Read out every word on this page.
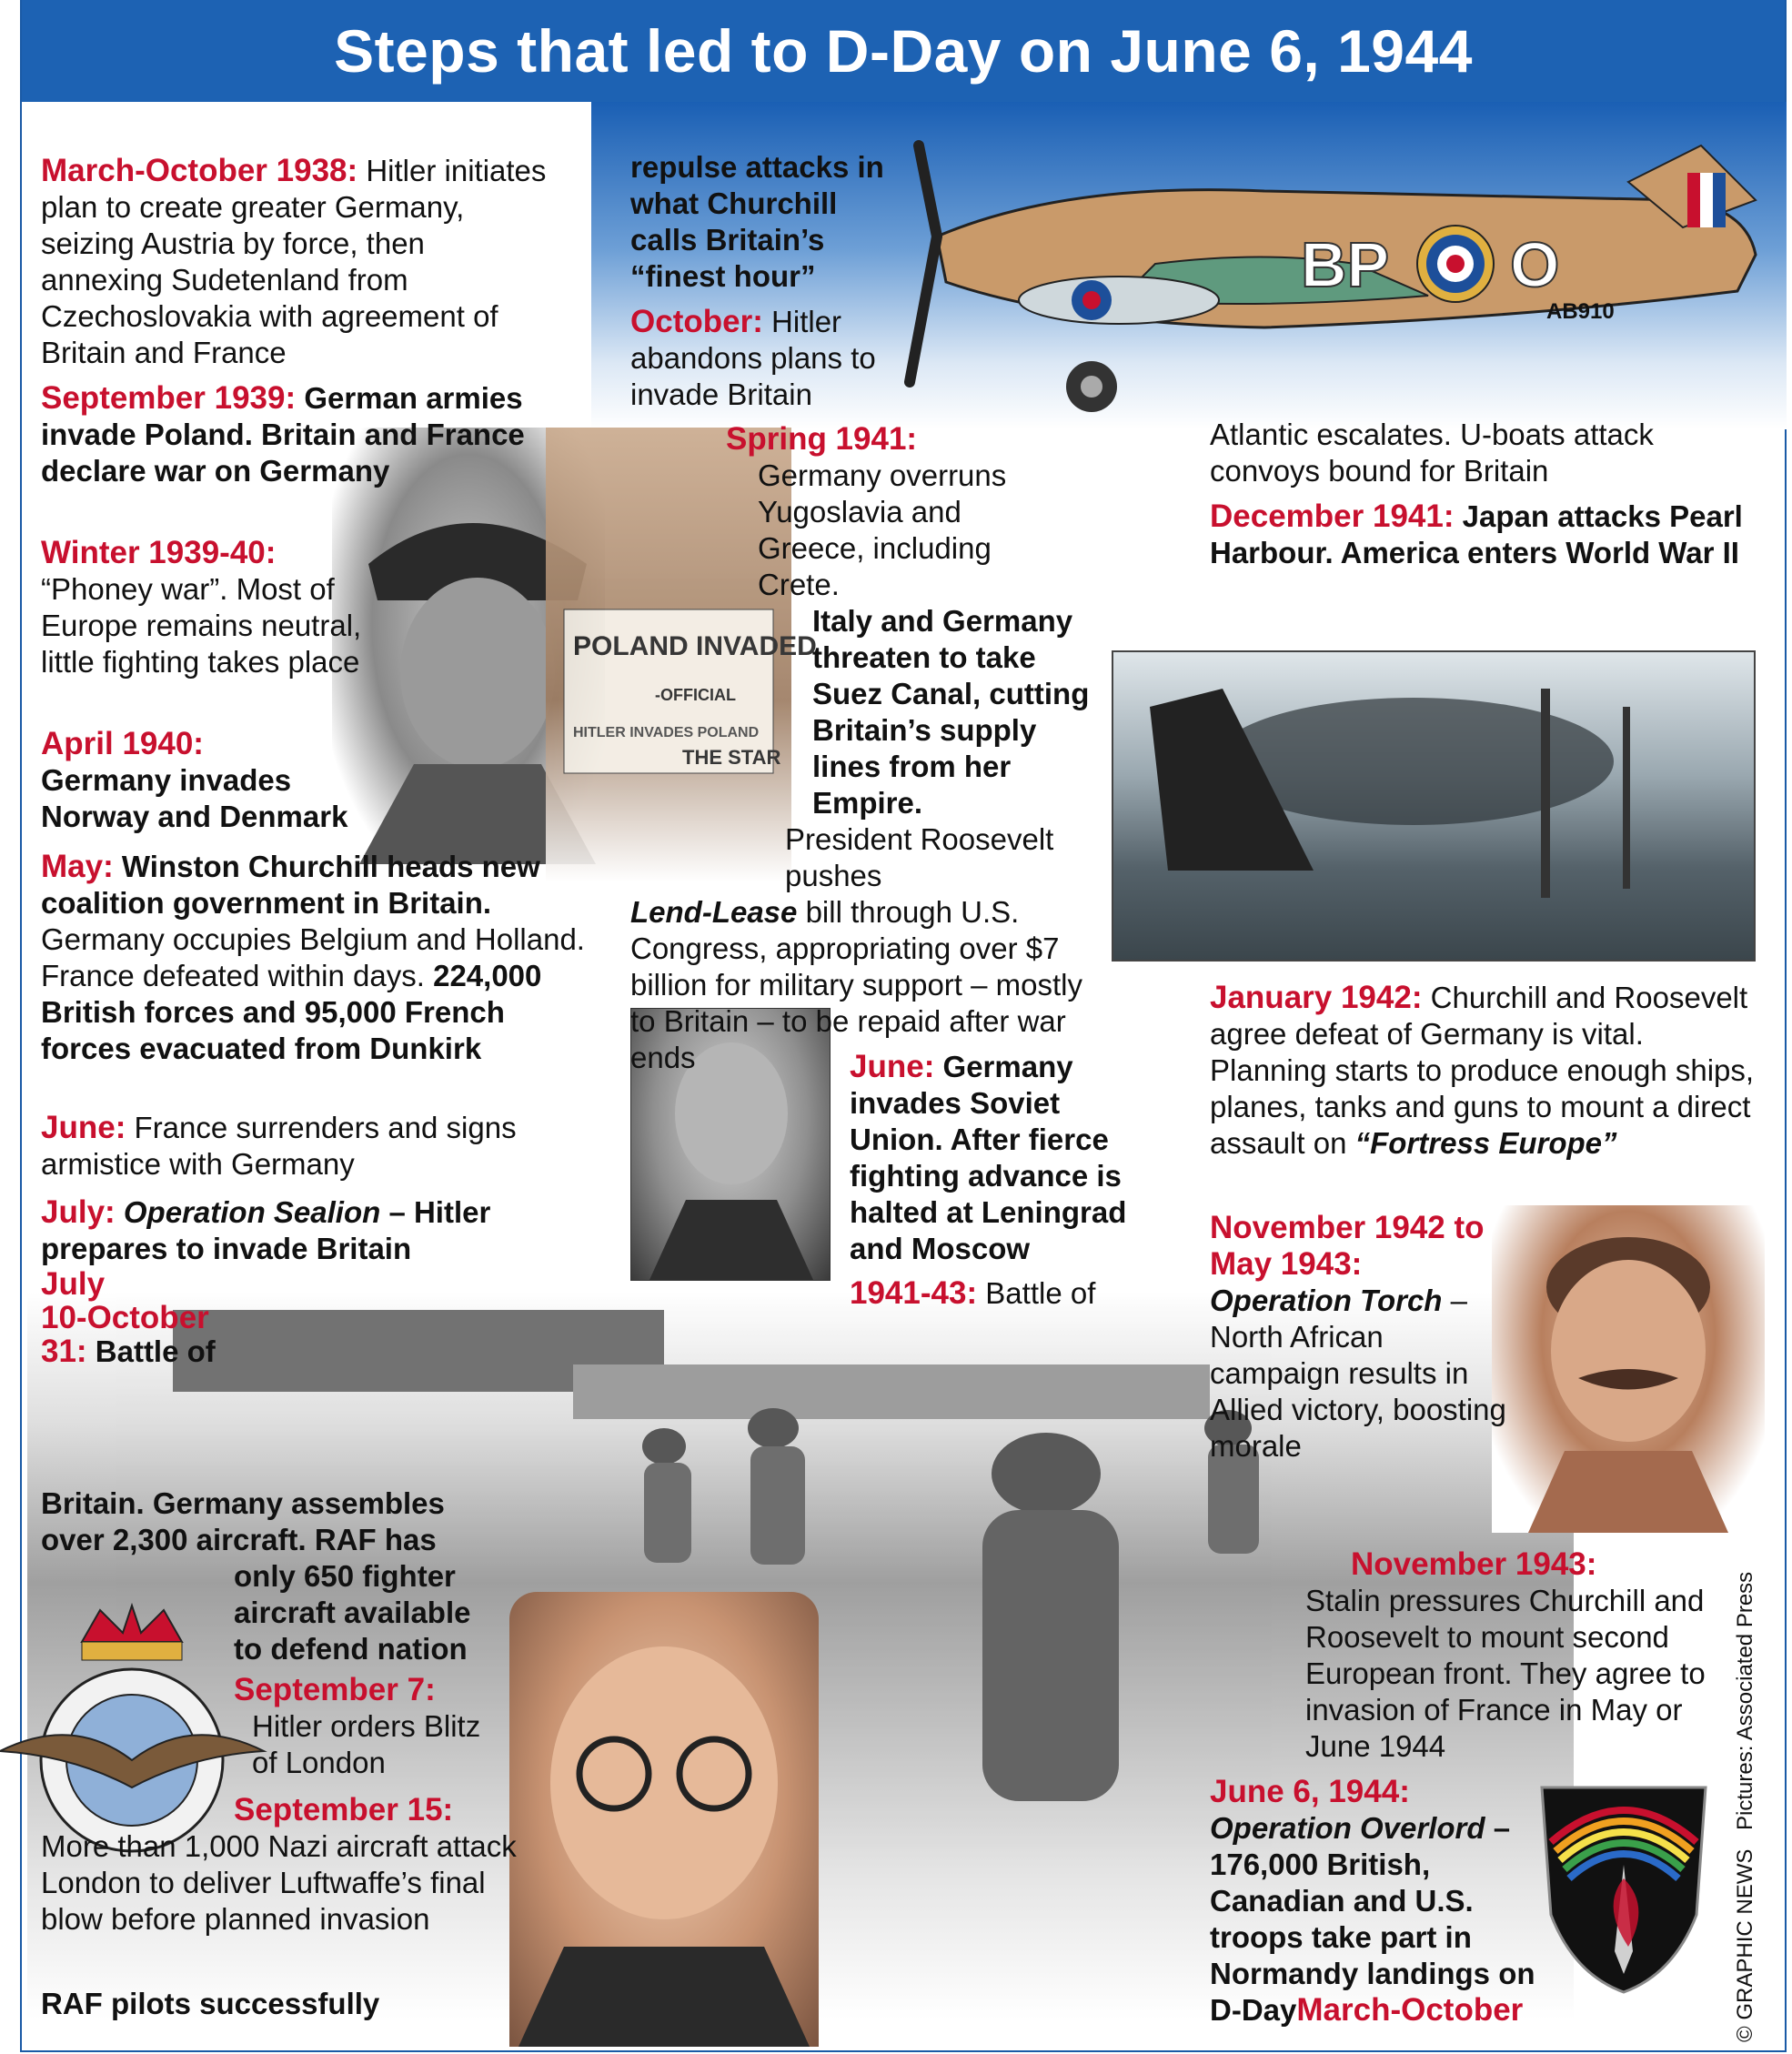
Steps that led to D-Day on June 6, 1944
POLAND INVADED
-OFFICIAL
HITLER INVADES POLAND
THE STAR
BP O
AB910
March-October 1938: Hitler initiates plan to create greater Germany, seizing Austria by force, then annexing Sudetenland from Czechoslovakia with agreement of Britain and France
September 1939: German armies invade Poland. Britain and France declare war on Germany
Winter 1939-40:
“Phoney war”. Most of Europe remains neutral, little fighting takes place
April 1940:
Germany invades Norway and Denmark
May: Winston Churchill heads new coalition government in Britain. Germany occupies Belgium and Holland. France defeated within days. 224,000 British forces and 95,000 French forces evacuated from Dunkirk
June: France surrenders and signs armistice with Germany
July: Operation Sealion – Hitler prepares to invade Britain
July
10-October
31: Battle of
Britain. Germany assembles over 2,300 aircraft. RAF has
only 650 fighter aircraft available to defend nation
September 7:
Hitler orders Blitz of London
September 15:
More than 1,000 Nazi aircraft attack London to deliver Luftwaffe’s final blow before planned invasion
RAF pilots successfully
repulse attacks in what Churchill calls Britain’s “finest hour”
October: Hitler abandons plans to invade Britain
Spring 1941:
Germany overruns Yugoslavia and Greece, including Crete.
Italy and Germany threaten to take Suez Canal, cutting Britain’s supply lines from her Empire.
President Roosevelt pushes
Lend-Lease bill through U.S. Congress, appropriating over $7 billion for military support – mostly to Britain – to be repaid after war ends	June: Germany invades Soviet Union. After fierce fighting advance is halted at Leningrad and Moscow
1941-43: Battle of
Atlantic escalates. U-boats attack convoys bound for Britain
December 1941: Japan attacks Pearl Harbour. America enters World War II
January 1942: Churchill and Roosevelt agree defeat of Germany is vital. Planning starts to produce enough ships, planes, tanks and guns to mount a direct assault on “Fortress Europe”
November 1942 to May 1943:
Operation Torch – North African campaign results in Allied victory, boosting morale
November 1943:
Stalin pressures Churchill and Roosevelt to mount second European front. They agree to invasion of France in May or June 1944
June 6, 1944:
Operation Overlord – 176,000 British, Canadian and U.S. troops take part in Normandy landings on D-DayMarch-October	© GRAPHIC NEWS Pictures: Associated Press
